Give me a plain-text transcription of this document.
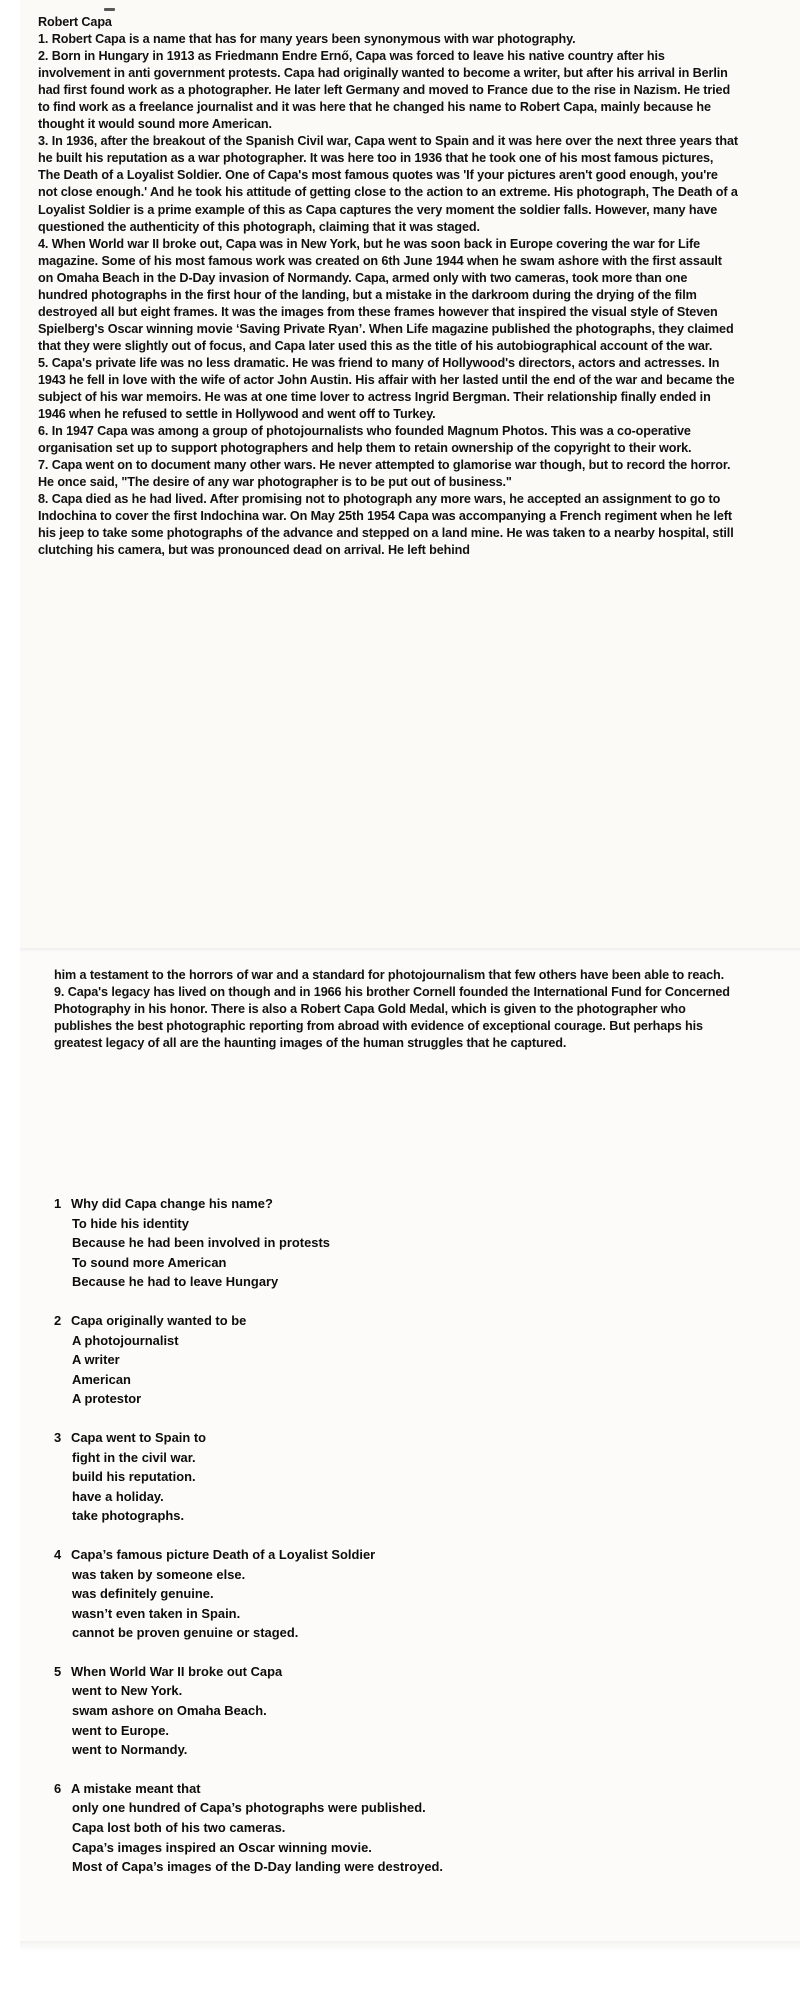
Robert Capa

1. Robert Capa is a name that has for many years been synonymous with war photography.

2. Born in Hungary in 1913 as Friedmann Endre Ernő, Capa was forced to leave his native country after his involvement in anti government protests. Capa had originally wanted to become a writer, but after his arrival in Berlin had first found work as a photographer. He later left Germany and moved to France due to the rise in Nazism. He tried to find work as a freelance journalist and it was here that he changed his name to Robert Capa, mainly because he thought it would sound more American.

3. In 1936, after the breakout of the Spanish Civil war, Capa went to Spain and it was here over the next three years that he built his reputation as a war photographer. It was here too in 1936 that he took one of his most famous pictures, The Death of a Loyalist Soldier. One of Capa's most famous quotes was 'If your pictures aren't good enough, you're not close enough.' And he took his attitude of getting close to the action to an extreme. His photograph, The Death of a Loyalist Soldier is a prime example of this as Capa captures the very moment the soldier falls. However, many have questioned the authenticity of this photograph, claiming that it was staged.

4. When World war II broke out, Capa was in New York, but he was soon back in Europe covering the war for Life magazine. Some of his most famous work was created on 6th June 1944 when he swam ashore with the first assault on Omaha Beach in the D-Day invasion of Normandy. Capa, armed only with two cameras, took more than one hundred photographs in the first hour of the landing, but a mistake in the darkroom during the drying of the film destroyed all but eight frames. It was the images from these frames however that inspired the visual style of Steven Spielberg's Oscar winning movie ‘Saving Private Ryan’. When Life magazine published the photographs, they claimed that they were slightly out of focus, and Capa later used this as the title of his autobiographical account of the war.

5. Capa's private life was no less dramatic. He was friend to many of Hollywood's directors, actors and actresses. In 1943 he fell in love with the wife of actor John Austin. His affair with her lasted until the end of the war and became the subject of his war memoirs. He was at one time lover to actress Ingrid Bergman. Their relationship finally ended in 1946 when he refused to settle in Hollywood and went off to Turkey.

6. In 1947 Capa was among a group of photojournalists who founded Magnum Photos. This was a co-operative organisation set up to support photographers and help them to retain ownership of the copyright to their work.

7. Capa went on to document many other wars. He never attempted to glamorise war though, but to record the horror. He once said, "The desire of any war photographer is to be put out of business."

8. Capa died as he had lived. After promising not to photograph any more wars, he accepted an assignment to go to Indochina to cover the first Indochina war. On May 25th 1954 Capa was accompanying a French regiment when he left his jeep to take some photographs of the advance and stepped on a land mine. He was taken to a nearby hospital, still clutching his camera, but was pronounced dead on arrival. He left behind

him a testament to the horrors of war and a standard for photojournalism that few others have been able to reach.

9. Capa's legacy has lived on though and in 1966 his brother Cornell founded the International Fund for Concerned Photography in his honor. There is also a Robert Capa Gold Medal, which is given to the photographer who publishes the best photographic reporting from abroad with evidence of exceptional courage. But perhaps his greatest legacy of all are the haunting images of the human struggles that he captured.

1 Why did Capa change his name?
To hide his identity
Because he had been involved in protests
To sound more American
Because he had to leave Hungary
2 Capa originally wanted to be
A photojournalist
A writer
American
A protestor
3 Capa went to Spain to
fight in the civil war.
build his reputation.
have a holiday.
take photographs.
4 Capa’s famous picture Death of a Loyalist Soldier
was taken by someone else.
was definitely genuine.
wasn’t even taken in Spain.
cannot be proven genuine or staged.
5 When World War II broke out Capa
went to New York.
swam ashore on Omaha Beach.
went to Europe.
went to Normandy.
6 A mistake meant that
only one hundred of Capa’s photographs were published.
Capa lost both of his two cameras.
Capa’s images inspired an Oscar winning movie.
Most of Capa’s images of the D-Day landing were destroyed.
